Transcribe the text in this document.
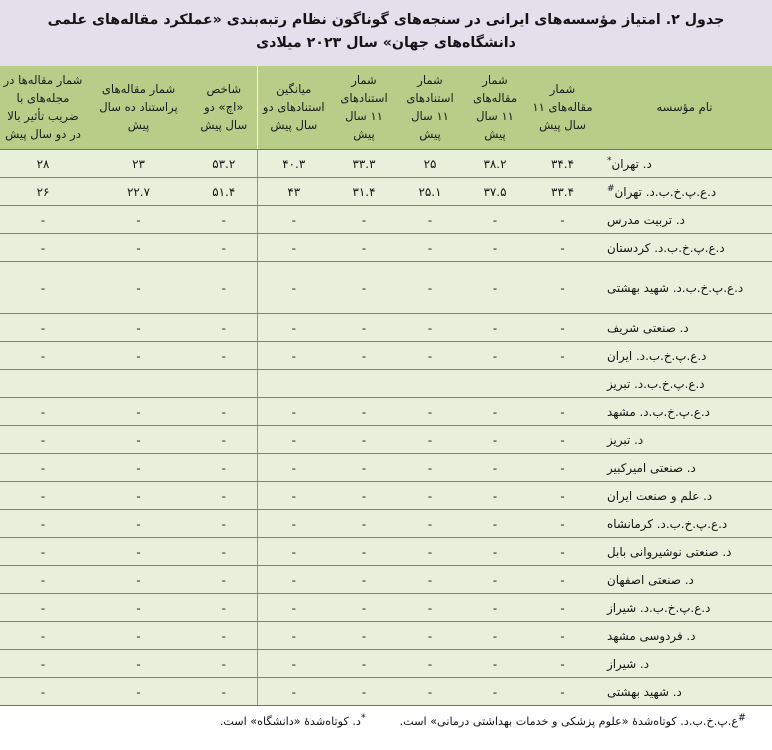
جدول ۲. امتیاز مؤسسه‌های ایرانی در سنجه‌های گوناگون نظام رتبه‌بندی «عملکرد مقاله‌های علمی دانشگاه‌های جهان» سال ۲۰۲۳ میلادی
نام مؤسسه	شمار مقاله‌های ۱۱ سال پیش	شمار مقاله‌های ۱۱ سال پیش	شمار استنادهای ۱۱ سال پیش	شمار استنادهای ۱۱ سال پیش	میانگین استنادهای دو سال پیش	شاخص «اچ» دو سال پیش	شمار مقاله‌های پراستناد ده سال پیش	شمار مقاله‌ها در مجله‌های با ضریب تأثیر بالا در دو سال پیش
د. تهران*	۳۴.۴	۳۸.۲	۲۵	۳۳.۳	۴۰.۳	۵۳.۲	۲۳	۲۸
د.ع.پ.خ.ب.د. تهران#	۳۳.۴	۳۷.۵	۲۵.۱	۳۱.۴	۴۳	۵۱.۴	۲۲.۷	۲۶
د. تربیت مدرس	-	-	-	-	-	-	-	-
د.ع.پ.خ.ب.د. کردستان	-	-	-	-	-	-	-	-
د.ع.پ.خ.ب.د. شهید بهشتی	-	-	-	-	-	-	-	-
د. صنعتی شریف	-	-	-	-	-	-	-	-
د.ع.پ.خ.ب.د. ایران	-	-	-	-	-	-	-	-
د.ع.پ.خ.ب.د. تبریز								
د.ع.پ.خ.ب.د. مشهد	-	-	-	-	-	-	-	-
د. تبریز	-	-	-	-	-	-	-	-
د. صنعتی امیرکبیر	-	-	-	-	-	-	-	-
د. علم و صنعت ایران	-	-	-	-	-	-	-	-
د.ع.پ.خ.ب.د. کرمانشاه	-	-	-	-	-	-	-	-
د. صنعتی نوشیروانی بابل	-	-	-	-	-	-	-	-
د. صنعتی اصفهان	-	-	-	-	-	-	-	-
د.ع.پ.خ.ب.د. شیراز	-	-	-	-	-	-	-	-
د. فردوسی مشهد	-	-	-	-	-	-	-	-
د. شیراز	-	-	-	-	-	-	-	-
د. شهید بهشتی	-	-	-	-	-	-	-	-
#ع.پ.خ.ب.د. کوتاه‌شدهٔ «علوم پزشکی و خدمات بهداشتی درمانی» است.
*د. کوتاه‌شدهٔ «دانشگاه» است.
